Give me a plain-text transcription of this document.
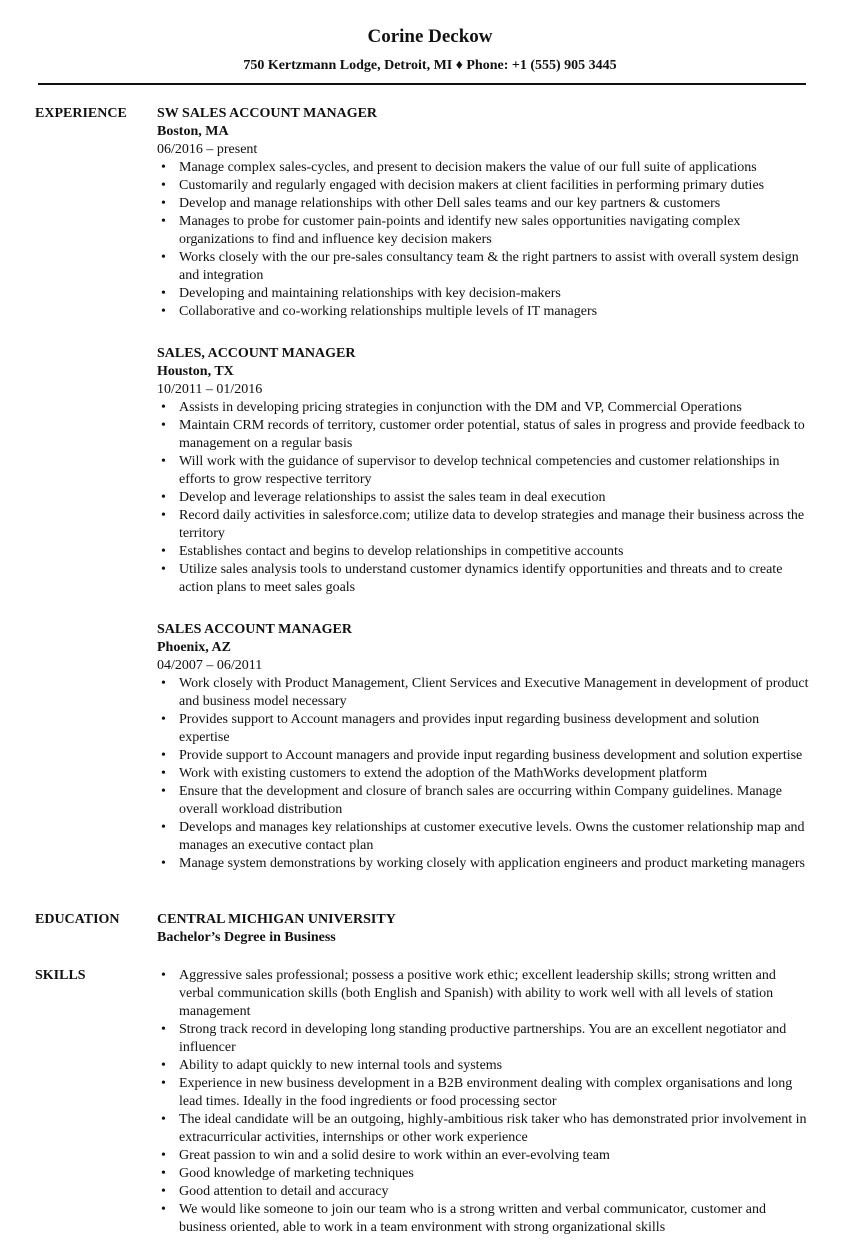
Corine Deckow
750 Kertzmann Lodge, Detroit, MI ♦ Phone: +1 (555) 905 3445
EXPERIENCE	SW SALES ACCOUNT MANAGER
Boston, MA
06/2016 – present
• Manage complex sales-cycles, and present to decision makers the value of our full suite of applications
• Customarily and regularly engaged with decision makers at client facilities in performing primary duties
• Develop and manage relationships with other Dell sales teams and our key partners & customers
• Manages to probe for customer pain-points and identify new sales opportunities navigating complex organizations to find and influence key decision makers
• Works closely with the our pre-sales consultancy team & the right partners to assist with overall system design and integration
• Developing and maintaining relationships with key decision-makers
• Collaborative and co-working relationships multiple levels of IT managers
SALES, ACCOUNT MANAGER
Houston, TX
10/2011 – 01/2016
• Assists in developing pricing strategies in conjunction with the DM and VP, Commercial Operations
• Maintain CRM records of territory, customer order potential, status of sales in progress and provide feedback to management on a regular basis
• Will work with the guidance of supervisor to develop technical competencies and customer relationships in efforts to grow respective territory
• Develop and leverage relationships to assist the sales team in deal execution
• Record daily activities in salesforce.com; utilize data to develop strategies and manage their business across the territory
• Establishes contact and begins to develop relationships in competitive accounts
• Utilize sales analysis tools to understand customer dynamics identify opportunities and threats and to create action plans to meet sales goals
SALES ACCOUNT MANAGER
Phoenix, AZ
04/2007 – 06/2011
• Work closely with Product Management, Client Services and Executive Management in development of product and business model necessary
• Provides support to Account managers and provides input regarding business development and solution expertise
• Provide support to Account managers and provide input regarding business development and solution expertise
• Work with existing customers to extend the adoption of the MathWorks development platform
• Ensure that the development and closure of branch sales are occurring within Company guidelines. Manage overall workload distribution
• Develops and manages key relationships at customer executive levels. Owns the customer relationship map and manages an executive contact plan
• Manage system demonstrations by working closely with application engineers and product marketing managers
EDUCATION	CENTRAL MICHIGAN UNIVERSITY
Bachelor’s Degree in Business
SKILLS	• Aggressive sales professional; possess a positive work ethic; excellent leadership skills; strong written and verbal communication skills (both English and Spanish) with ability to work well with all levels of station management
• Strong track record in developing long standing productive partnerships. You are an excellent negotiator and influencer
• Ability to adapt quickly to new internal tools and systems
• Experience in new business development in a B2B environment dealing with complex organisations and long lead times. Ideally in the food ingredients or food processing sector
• The ideal candidate will be an outgoing, highly-ambitious risk taker who has demonstrated prior involvement in extracurricular activities, internships or other work experience
• Great passion to win and a solid desire to work within an ever-evolving team
• Good knowledge of marketing techniques
• Good attention to detail and accuracy
• We would like someone to join our team who is a strong written and verbal communicator, customer and business oriented, able to work in a team environment with strong organizational skills
